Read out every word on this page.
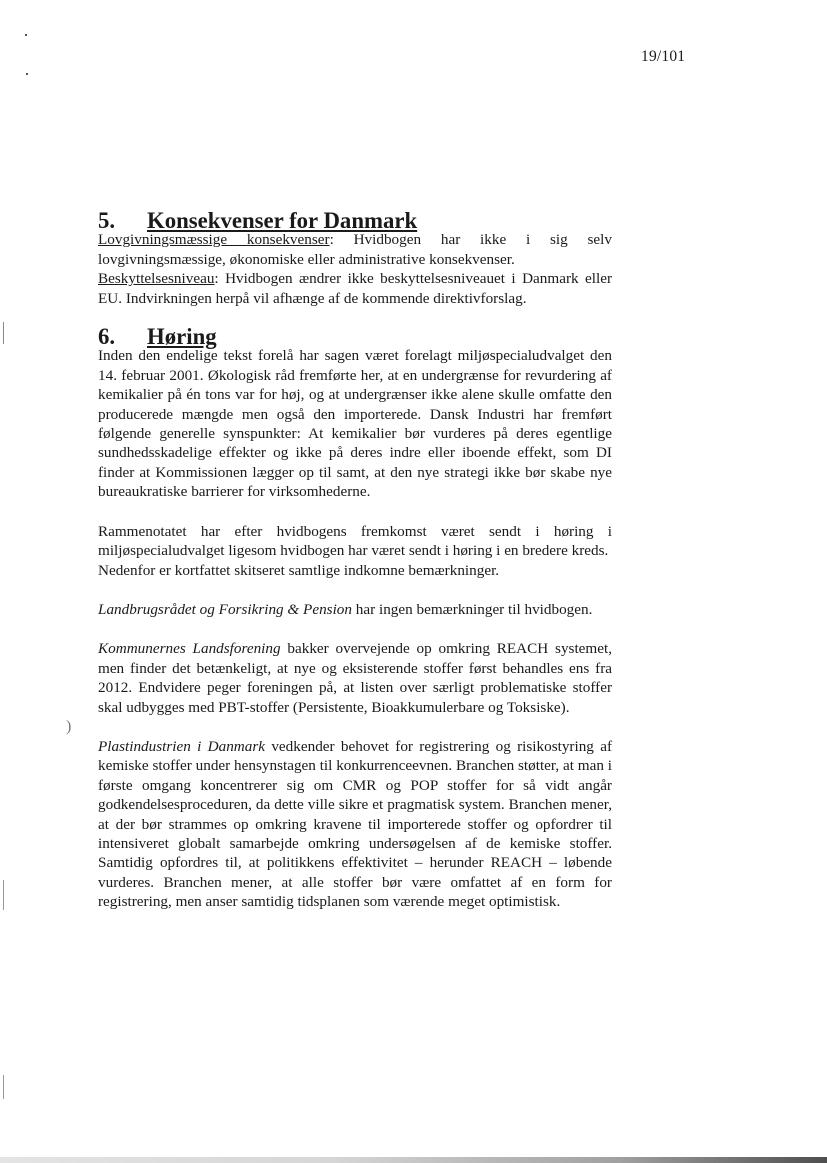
)
19/101
5. Konsekvenser for Danmark

Lovgivningsmæssige konsekvenser: Hvidbogen har ikke i sig selv lovgivningsmæssige, økonomiske eller administrative konsekvenser.

Beskyttelsesniveau: Hvidbogen ændrer ikke beskyttelsesniveauet i Danmark eller EU. Indvirkningen herpå vil afhænge af de kommende direktivforslag.

6. Høring

Inden den endelige tekst forelå har sagen været forelagt miljøspecialudvalget den 14. februar 2001. Økologisk råd fremførte her, at en undergrænse for revurdering af kemikalier på én tons var for høj, og at undergrænser ikke alene skulle omfatte den producerede mængde men også den importerede. Dansk Industri har fremført følgende generelle synspunkter: At kemikalier bør vurderes på deres egentlige sundhedsskadelige effekter og ikke på deres indre eller iboende effekt, som DI finder at Kommissionen lægger op til samt, at den nye strategi ikke bør skabe nye bureaukratiske barrierer for virksomhederne.

Rammenotatet har efter hvidbogens fremkomst været sendt i høring i miljøspecialudvalget ligesom hvidbogen har været sendt i høring i en bredere kreds.

Nedenfor er kortfattet skitseret samtlige indkomne bemærkninger.

Landbrugsrådet og Forsikring & Pension har ingen bemærkninger til hvidbogen.

Kommunernes Landsforening bakker overvejende op omkring REACH systemet, men finder det betænkeligt, at nye og eksisterende stoffer først behandles ens fra 2012. Endvidere peger foreningen på, at listen over særligt problematiske stoffer skal udbygges med PBT-stoffer (Persistente, Bioakkumulerbare og Toksiske).

Plastindustrien i Danmark vedkender behovet for registrering og risikostyring af kemiske stoffer under hensynstagen til konkurrenceevnen. Branchen støtter, at man i første omgang koncentrerer sig om CMR og POP stoffer for så vidt angår godkendelsesproceduren, da dette ville sikre et pragmatisk system. Branchen mener, at der bør strammes op omkring kravene til importerede stoffer og opfordrer til intensiveret globalt samarbejde omkring undersøgelsen af de kemiske stoffer. Samtidig opfordres til, at politikkens effektivitet – herunder REACH – løbende vurderes. Branchen mener, at alle stoffer bør være omfattet af en form for registrering, men anser samtidig tidsplanen som værende meget optimistisk.
